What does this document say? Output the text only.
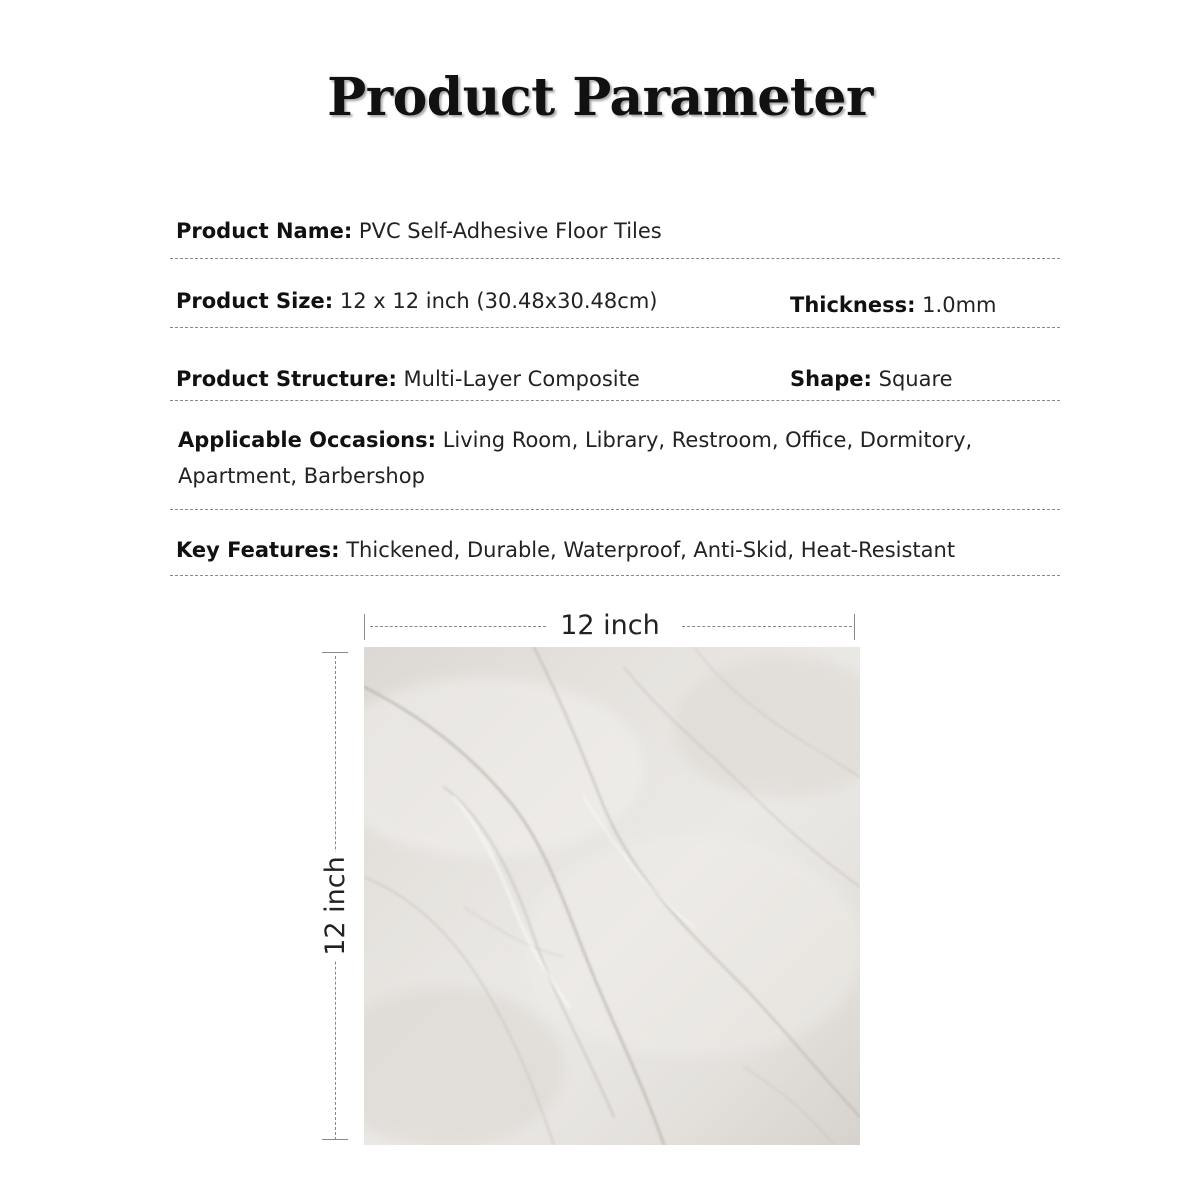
Product Parameter
Product Name: PVC Self-Adhesive Floor Tiles
Product Size: 12 x 12 inch (30.48x30.48cm)	Thickness: 1.0mm
Product Structure: Multi-Layer Composite	Shape: Square
Applicable Occasions: Living Room, Library, Restroom, Office, Dormitory, Apartment, Barbershop
Key Features: Thickened, Durable, Waterproof, Anti-Skid, Heat-Resistant
12 inch
12 inch
